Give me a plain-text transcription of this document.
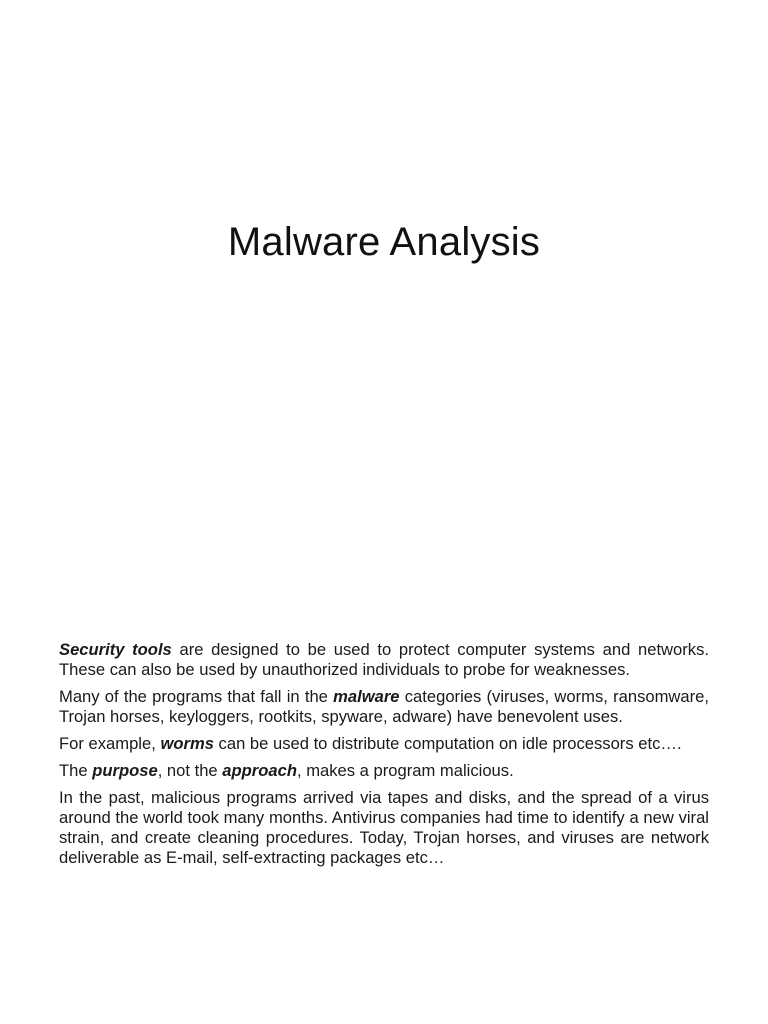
Malware Analysis

Security tools are designed to be used to protect computer systems and networks. These can also be used by unauthorized individuals to probe for weaknesses.

Many of the programs that fall in the malware categories (viruses, worms, ransomware, Trojan horses, keyloggers, rootkits, spyware, adware) have benevolent uses.

For example, worms can be used to distribute computation on idle processors etc….

The purpose, not the approach, makes a program malicious.

In the past, malicious programs arrived via tapes and disks, and the spread of a virus around the world took many months. Antivirus companies had time to identify a new viral strain, and create cleaning procedures. Today, Trojan horses, and viruses are network deliverable as E-mail, self-extracting packages etc…
